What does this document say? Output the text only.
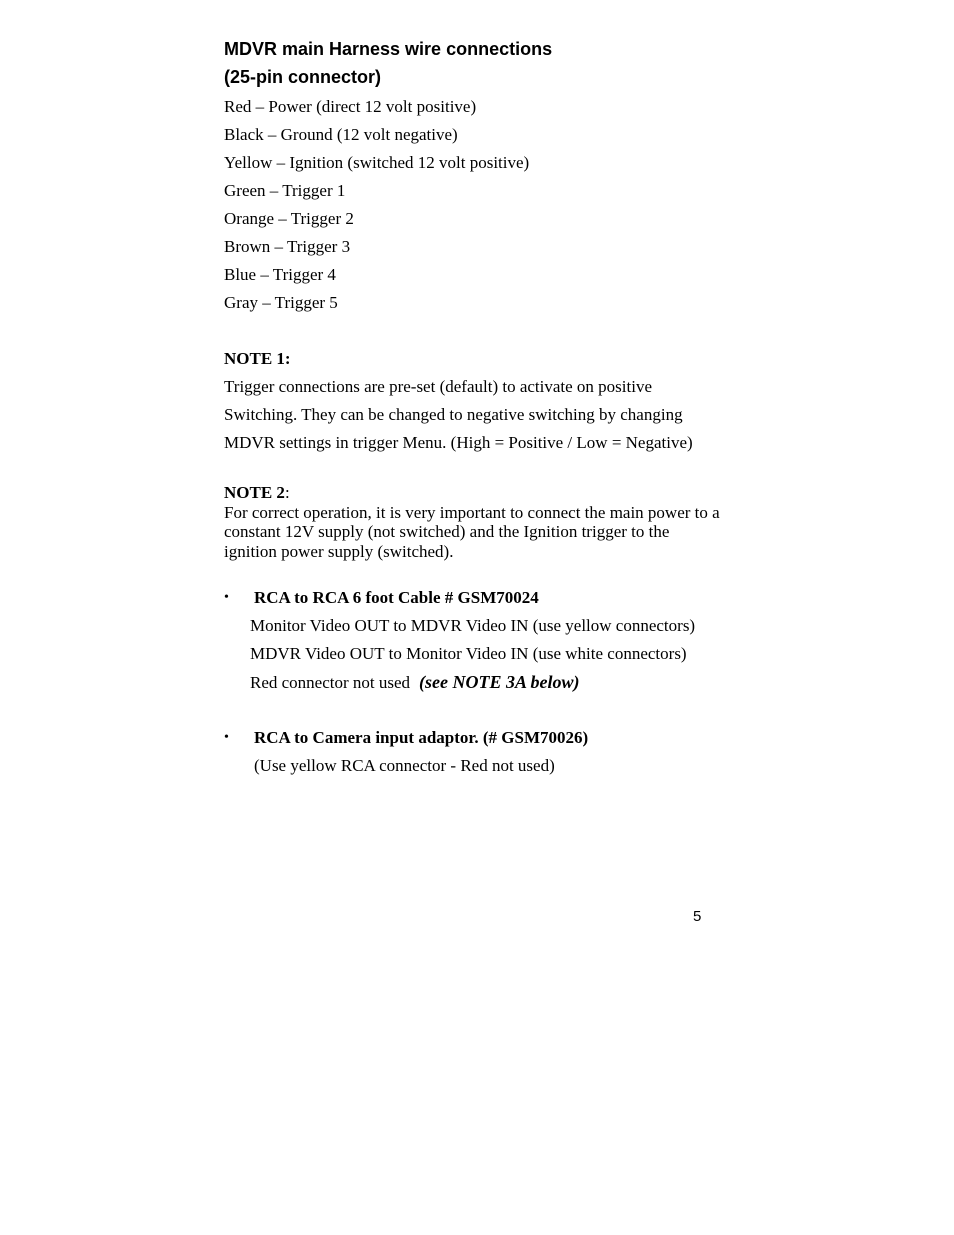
MDVR main Harness wire connections
(25-pin connector)
Red – Power (direct 12 volt positive)
Black – Ground (12 volt negative)
Yellow – Ignition (switched 12 volt positive)
Green – Trigger 1
Orange – Trigger 2
Brown – Trigger 3
Blue – Trigger 4
Gray – Trigger 5
NOTE 1:
Trigger connections are pre-set (default) to activate on positive
Switching. They can be changed to negative switching by changing
MDVR settings in trigger Menu. (High = Positive / Low = Negative)
NOTE 2:
For correct operation, it is very important to connect the main power to a
constant 12V supply (not switched) and the Ignition trigger to the
ignition power supply (switched).
• RCA to RCA 6 foot Cable # GSM70024
Monitor Video OUT to MDVR Video IN (use yellow connectors)
MDVR Video OUT to Monitor Video IN (use white connectors)
Red connector not used (see NOTE 3A below)
• RCA to Camera input adaptor. (# GSM70026)
(Use yellow RCA connector - Red not used)
5
